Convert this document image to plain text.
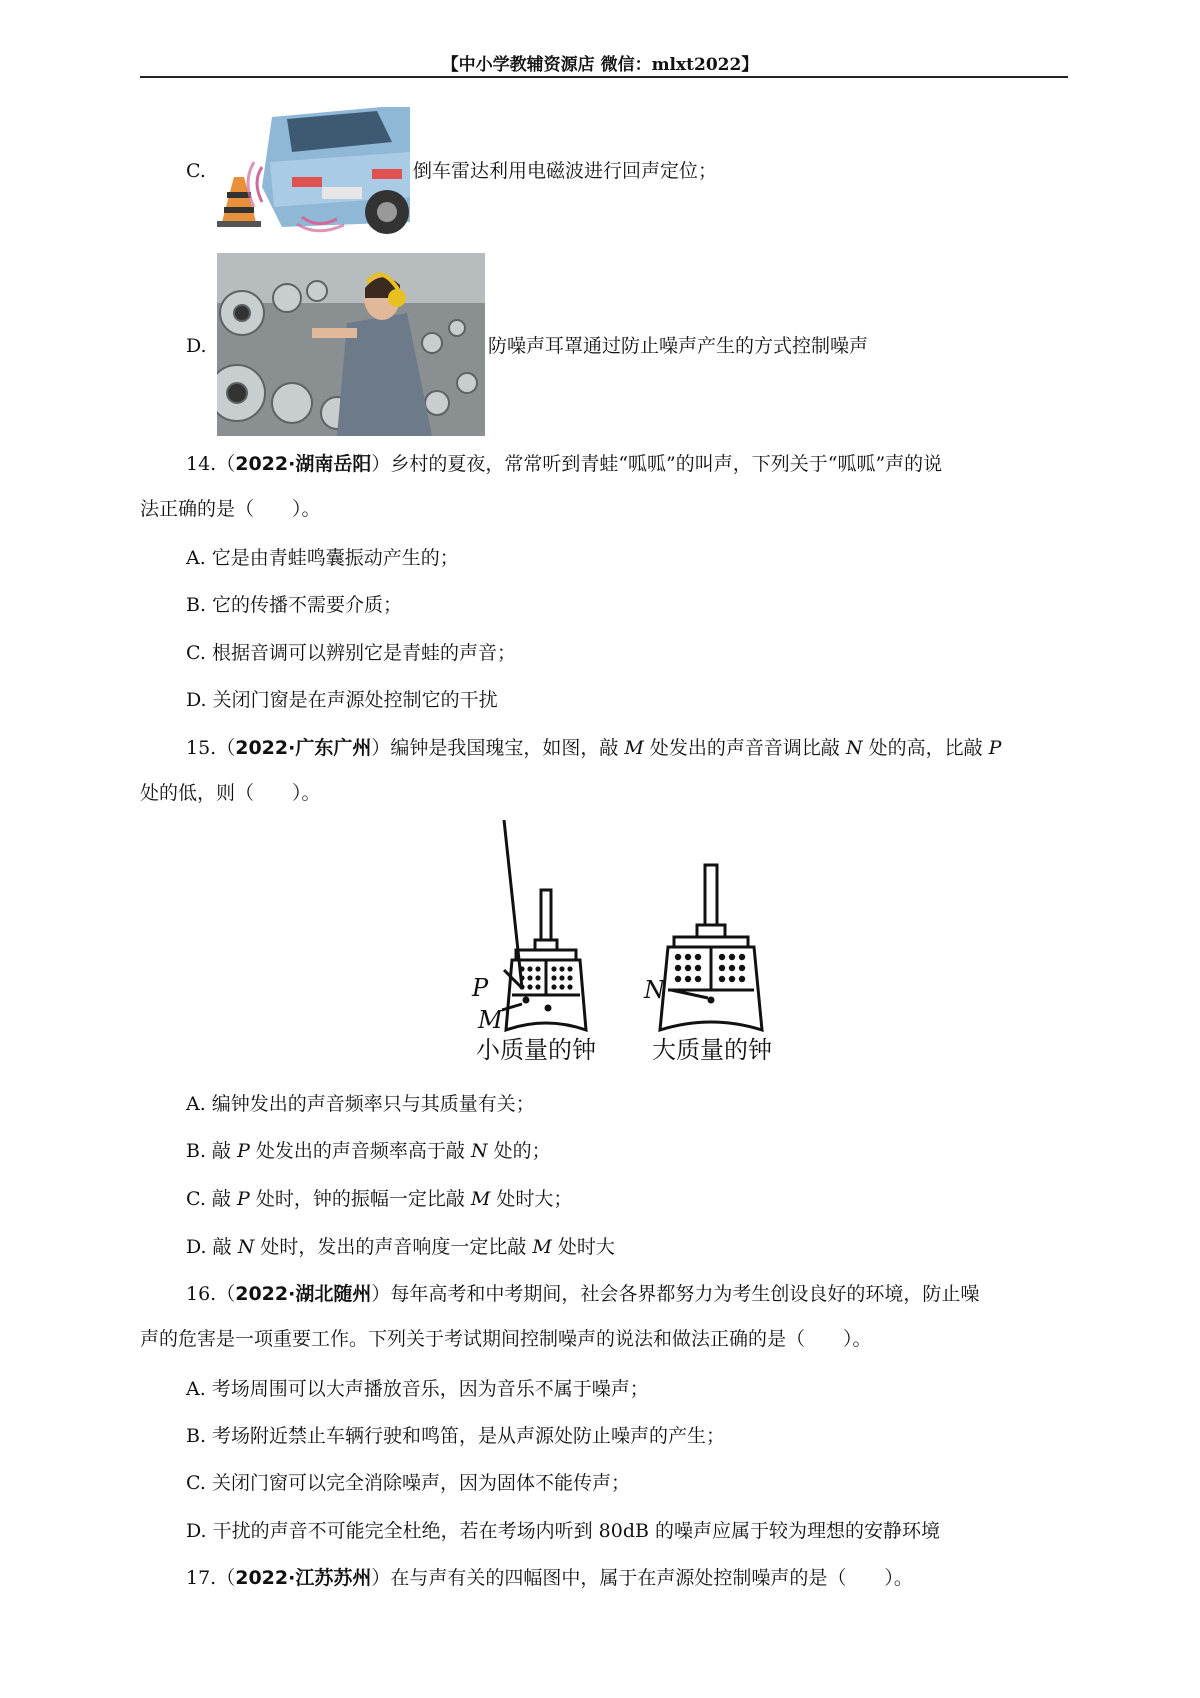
【中小学教辅资源店 微信：mlxt2022】
C.	倒车雷达利用电磁波进行回声定位；
D.	防噪声耳罩通过防止噪声产生的方式控制噪声
14.（2022·湖南岳阳）乡村的夏夜，常常听到青蛙“呱呱”的叫声，下列关于“呱呱”声的说
法正确的是（　　）。
A. 它是由青蛙鸣囊振动产生的；
B. 它的传播不需要介质；
C. 根据音调可以辨别它是青蛙的声音；
D. 关闭门窗是在声源处控制它的干扰
15.（2022·广东广州）编钟是我国瑰宝，如图，敲 M 处发出的声音音调比敲 N 处的高，比敲 P
处的低，则（　　）。
P
M
N
小质量的钟 大质量的钟
A. 编钟发出的声音频率只与其质量有关；
B. 敲 P 处发出的声音频率高于敲 N 处的；
C. 敲 P 处时，钟的振幅一定比敲 M 处时大；
D. 敲 N 处时，发出的声音响度一定比敲 M 处时大
16.（2022·湖北随州）每年高考和中考期间，社会各界都努力为考生创设良好的环境，防止噪
声的危害是一项重要工作。下列关于考试期间控制噪声的说法和做法正确的是（　　）。
A. 考场周围可以大声播放音乐，因为音乐不属于噪声；
B. 考场附近禁止车辆行驶和鸣笛，是从声源处防止噪声的产生；
C. 关闭门窗可以完全消除噪声，因为固体不能传声；
D. 干扰的声音不可能完全杜绝，若在考场内听到 80dB 的噪声应属于较为理想的安静环境
17.（2022·江苏苏州）在与声有关的四幅图中，属于在声源处控制噪声的是（　　）。
